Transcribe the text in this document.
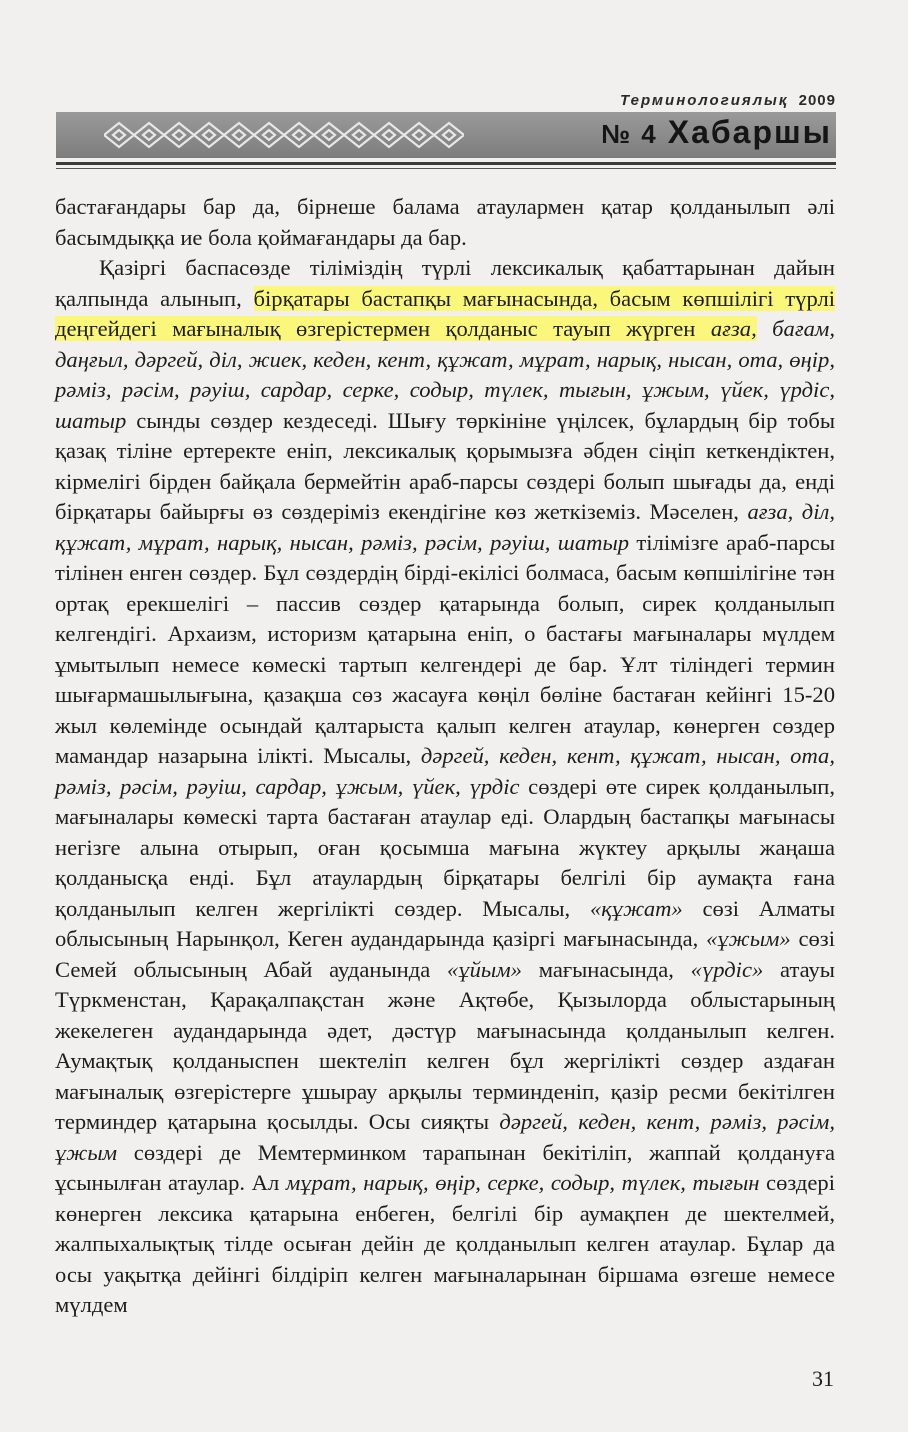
Терминологиялық 2009
№ 4 Хабаршы

бастағандары бар да, бірнеше балама атаулармен қатар қолданылып әлі басымдыққа ие бола қоймағандары да бар.

Қазіргі баспасөзде тіліміздің түрлі лексикалық қабаттарынан дайын қалпында алынып, бірқатары бастапқы мағынасында, басым көпшілігі түрлі деңгейдегі мағыналық өзгерістермен қолданыс тауып жүрген ағза, бағам, даңғыл, дәргей, діл, жиек, кеден, кент, құжат, мұрат, нарық, нысан, ота, өңір, рәміз, рәсім, рәуіш, сардар, серке, содыр, түлек, тығын, ұжым, үйек, үрдіс, шатыр сынды сөздер кездеседі. Шығу төркініне үңілсек, бұлардың бір тобы қазақ тіліне ертеректе еніп, лексикалық қорымызға әбден сіңіп кеткендіктен, кірмелігі бірден байқала бермейтін араб-парсы сөздері болып шығады да, енді бірқатары байырғы өз сөздеріміз екендігіне көз жеткіземіз. Мәселен, ағза, діл, құжат, мұрат, нарық, нысан, рәміз, рәсім, рәуіш, шатыр тілімізге араб-парсы тілінен енген сөздер. Бұл сөздердің бірді-екілісі болмаса, басым көпшілігіне тән ортақ ерекшелігі – пассив сөздер қатарында болып, сирек қолданылып келгендігі. Архаизм, историзм қатарына еніп, о бастағы мағыналары мүлдем ұмытылып немесе көмескі тартып келгендері де бар. Ұлт тіліндегі термин шығармашылығына, қазақша сөз жасауға көңіл бөліне бастаған кейінгі 15-20 жыл көлемінде осындай қалтарыста қалып келген атаулар, көнерген сөздер мамандар назарына ілікті. Мысалы, дәргей, кеден, кент, құжат, нысан, ота, рәміз, рәсім, рәуіш, сардар, ұжым, үйек, үрдіс сөздері өте сирек қолданылып, мағыналары көмескі тарта бастаған атаулар еді. Олардың бастапқы мағынасы негізге алына отырып, оған қосымша мағына жүктеу арқылы жаңаша қолданысқа енді. Бұл атаулардың бірқатары белгілі бір аумақта ғана қолданылып келген жергілікті сөздер. Мысалы, «құжат» сөзі Алматы облысының Нарынқол, Кеген аудандарында қазіргі мағынасында, «ұжым» сөзі Семей облысының Абай ауданында «ұйым» мағынасында, «үрдіс» атауы Түркменстан, Қарақалпақстан және Ақтөбе, Қызылорда облыстарының жекелеген аудандарында әдет, дәстүр мағынасында қолданылып келген. Аумақтық қолданыспен шектеліп келген бұл жергілікті сөздер аздаған мағыналық өзгерістерге ұшырау арқылы терминденіп, қазір ресми бекітілген терминдер қатарына қосылды. Осы сияқты дәргей, кеден, кент, рәміз, рәсім, ұжым сөздері де Мемтерминком тарапынан бекітіліп, жаппай қолдануға ұсынылған атаулар. Ал мұрат, нарық, өңір, серке, содыр, түлек, тығын сөздері көнерген лексика қатарына енбеген, белгілі бір аумақпен де шектелмей, жалпыхалықтық тілде осыған дейін де қолданылып келген атаулар. Бұлар да осы уақытқа дейінгі білдіріп келген мағыналарынан біршама өзгеше немесе мүлдем

31
